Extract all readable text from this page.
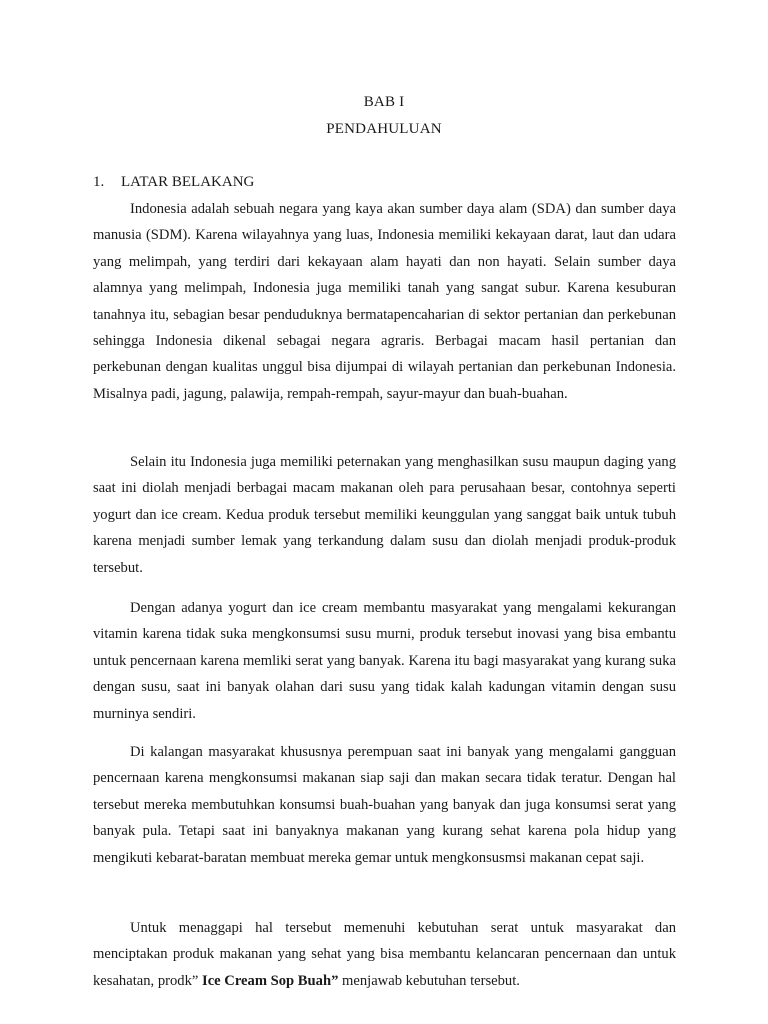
BAB I
PENDAHULUAN
1. LATAR BELAKANG

Indonesia adalah sebuah negara yang kaya akan sumber daya alam (SDA) dan sumber daya manusia (SDM). Karena wilayahnya yang luas, Indonesia memiliki kekayaan darat, laut dan udara yang melimpah, yang terdiri dari kekayaan alam hayati dan non hayati. Selain sumber daya alamnya yang melimpah, Indonesia juga memiliki tanah yang sangat subur. Karena kesuburan tanahnya itu, sebagian besar penduduknya bermatapencaharian di sektor pertanian dan perkebunan sehingga Indonesia dikenal sebagai negara agraris. Berbagai macam hasil pertanian dan perkebunan dengan kualitas unggul bisa dijumpai di wilayah pertanian dan perkebunan Indonesia. Misalnya padi, jagung, palawija, rempah-rempah, sayur-mayur dan buah-buahan.

Selain itu Indonesia juga memiliki peternakan yang menghasilkan susu maupun daging yang saat ini diolah menjadi berbagai macam makanan oleh para perusahaan besar, contohnya seperti yogurt dan ice cream. Kedua produk tersebut memiliki keunggulan yang sanggat baik untuk tubuh karena menjadi sumber lemak yang terkandung dalam susu dan diolah menjadi produk-produk tersebut.

Dengan adanya yogurt dan ice cream membantu masyarakat yang mengalami kekurangan vitamin karena tidak suka mengkonsumsi susu murni, produk tersebut inovasi yang bisa embantu untuk pencernaan karena memliki serat yang banyak. Karena itu bagi masyarakat yang kurang suka dengan susu, saat ini banyak olahan dari susu yang tidak kalah kadungan vitamin dengan susu murninya sendiri.

Di kalangan masyarakat khususnya perempuan saat ini banyak yang mengalami gangguan pencernaan karena mengkonsumsi makanan siap saji dan makan secara tidak teratur. Dengan hal tersebut mereka membutuhkan konsumsi buah-buahan yang banyak dan juga konsumsi serat yang banyak pula. Tetapi saat ini banyaknya makanan yang kurang sehat karena pola hidup yang mengikuti kebarat-baratan membuat mereka gemar untuk mengkonsusmsi makanan cepat saji.

Untuk menaggapi hal tersebut memenuhi kebutuhan serat untuk masyarakat dan menciptakan produk makanan yang sehat yang bisa membantu kelancaran pencernaan dan untuk kesahatan, prodk” Ice Cream Sop Buah” menjawab kebutuhan tersebut.
